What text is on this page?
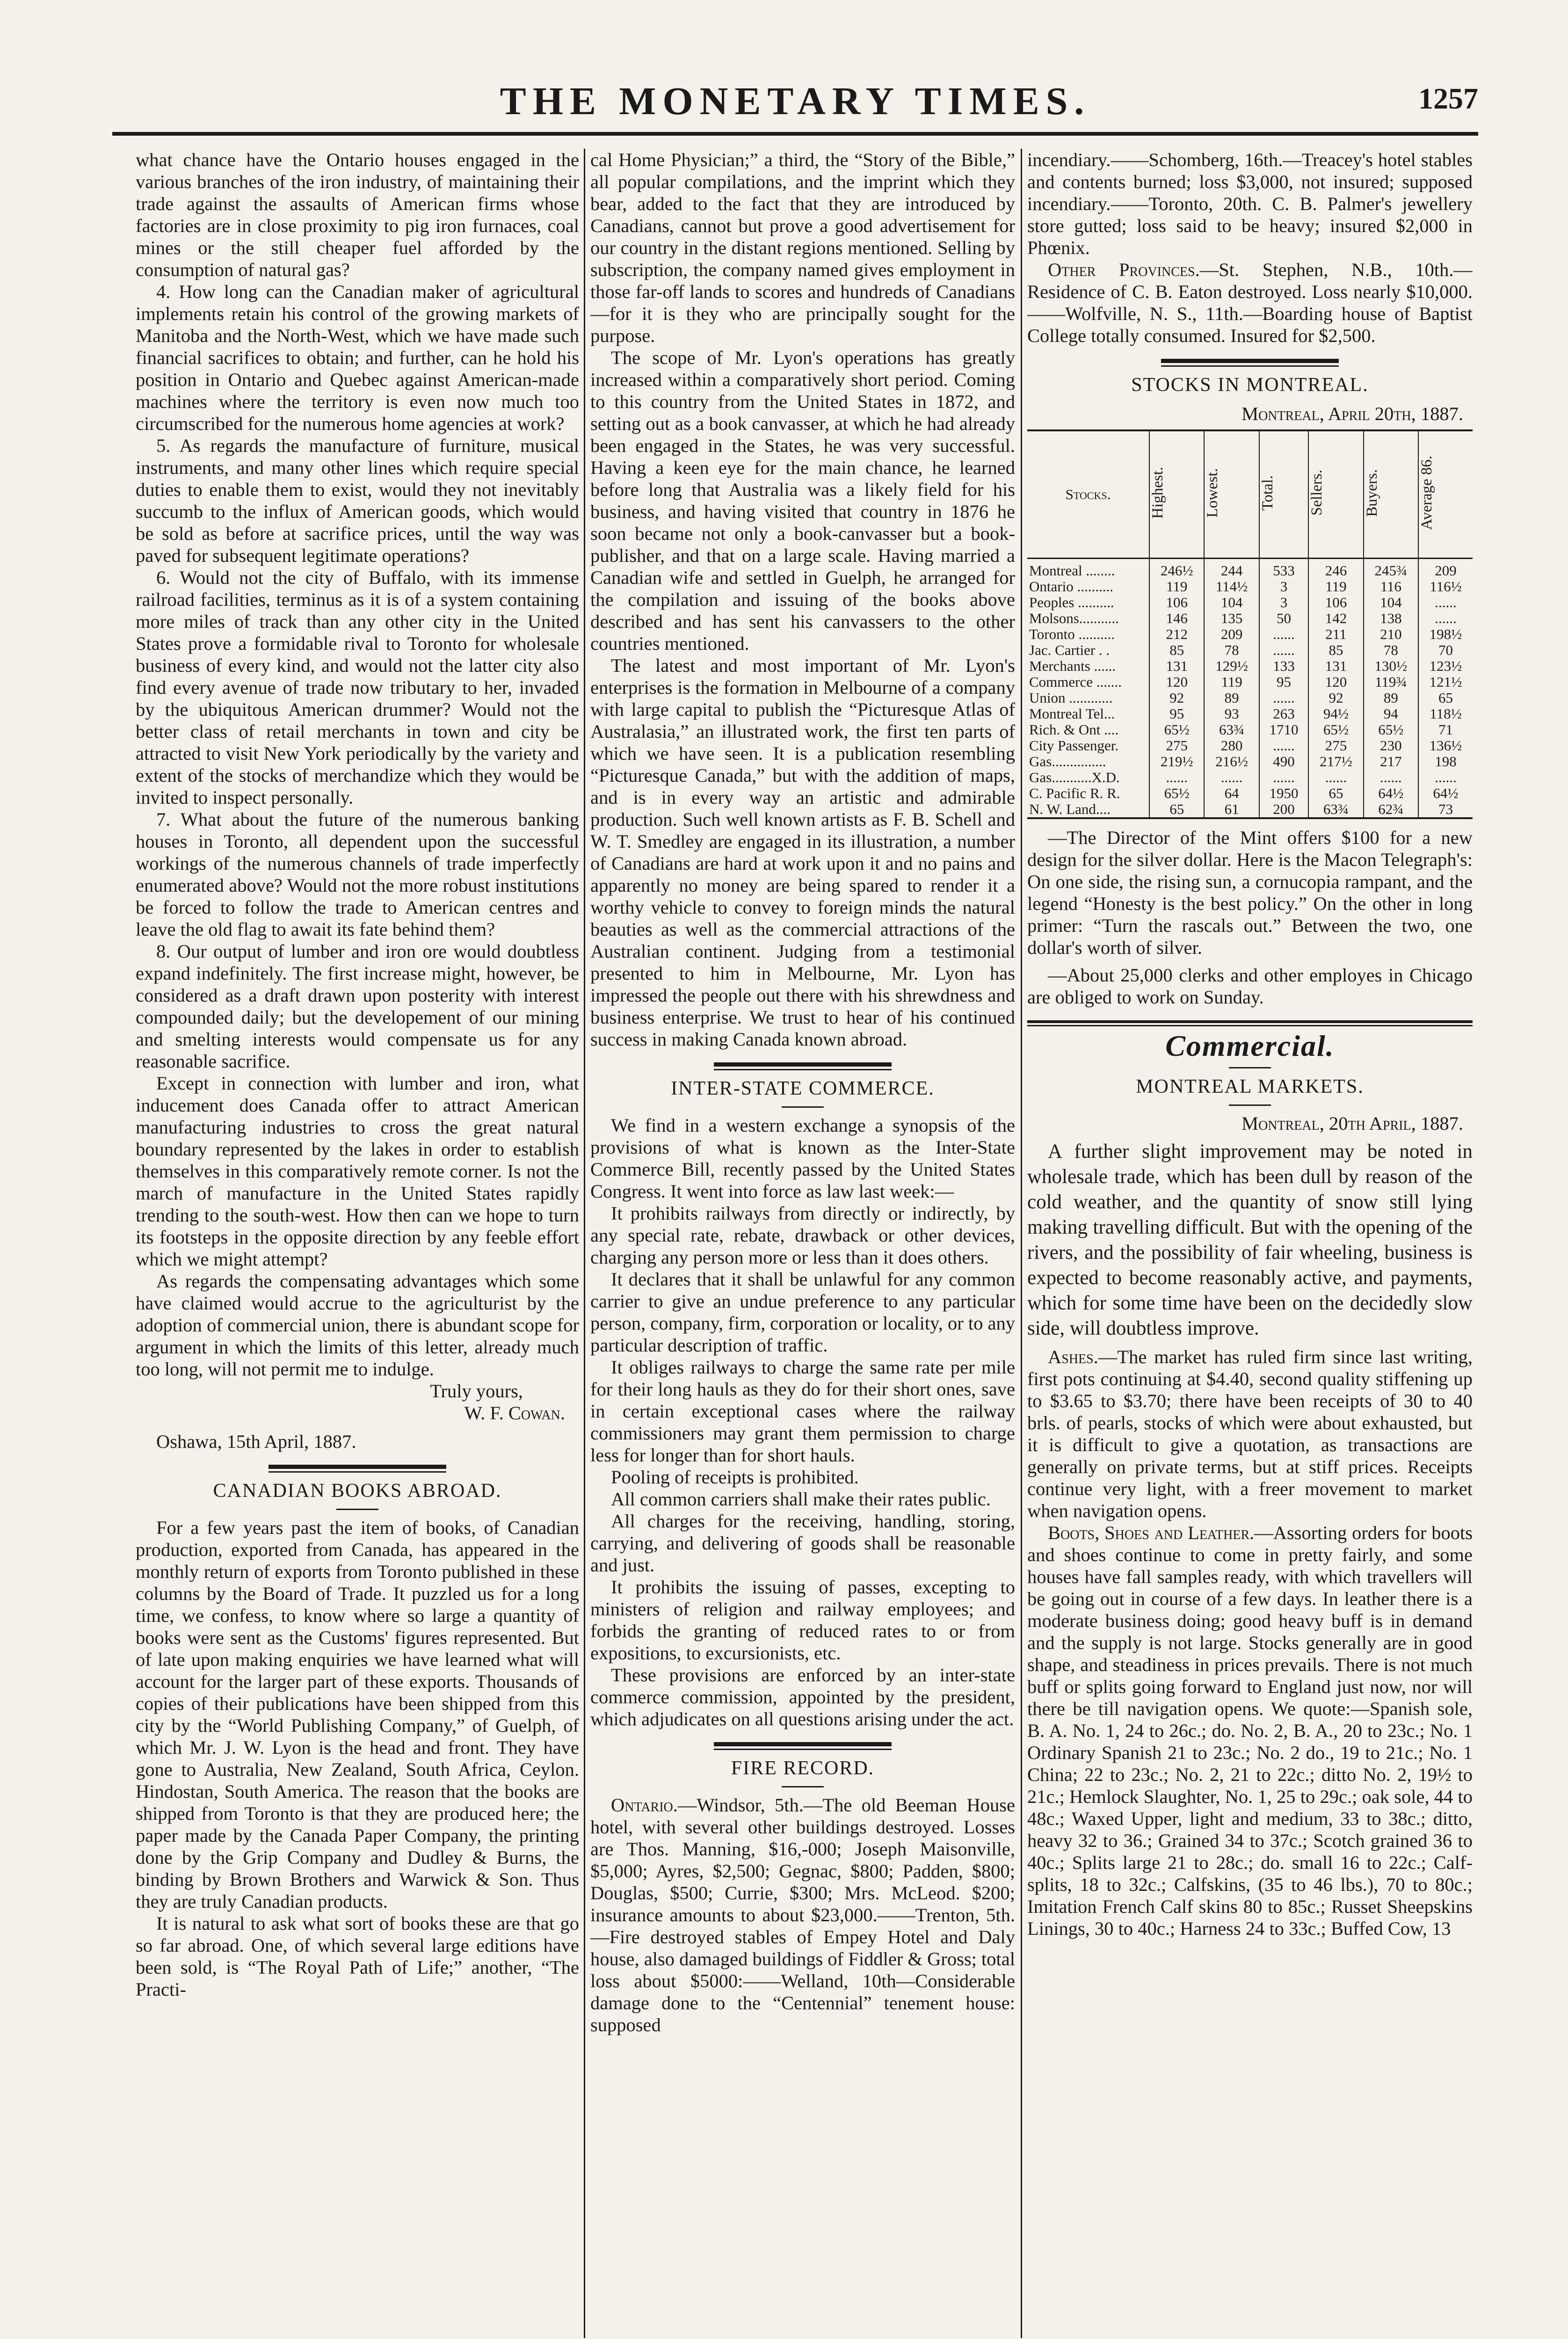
THE MONETARY TIMES.	1257

what chance have the Ontario houses engaged in the various branches of the iron industry, of maintaining their trade against the assaults of American firms whose factories are in close proximity to pig iron furnaces, coal mines or the still cheaper fuel afforded by the consumption of natural gas?

4. How long can the Canadian maker of agricultural implements retain his control of the growing markets of Manitoba and the North-West, which we have made such financial sacrifices to obtain; and further, can he hold his position in Ontario and Quebec against American-made machines where the territory is even now much too circumscribed for the numerous home agencies at work?

5. As regards the manufacture of furniture, musical instruments, and many other lines which require special duties to enable them to exist, would they not inevitably succumb to the influx of American goods, which would be sold as before at sacrifice prices, until the way was paved for subsequent legitimate operations?

6. Would not the city of Buffalo, with its immense railroad facilities, terminus as it is of a system containing more miles of track than any other city in the United States prove a formidable rival to Toronto for wholesale business of every kind, and would not the latter city also find every avenue of trade now tributary to her, invaded by the ubiquitous American drummer? Would not the better class of retail merchants in town and city be attracted to visit New York periodically by the variety and extent of the stocks of merchandize which they would be invited to inspect personally.

7. What about the future of the numerous banking houses in Toronto, all dependent upon the successful workings of the numerous channels of trade imperfectly enumerated above? Would not the more robust institutions be forced to follow the trade to American centres and leave the old flag to await its fate behind them?

8. Our output of lumber and iron ore would doubtless expand indefinitely. The first increase might, however, be considered as a draft drawn upon posterity with interest compounded daily; but the developement of our mining and smelting interests would compensate us for any reasonable sacrifice.

Except in connection with lumber and iron, what inducement does Canada offer to attract American manufacturing industries to cross the great natural boundary represented by the lakes in order to establish themselves in this comparatively remote corner. Is not the march of manufacture in the United States rapidly trending to the south-west. How then can we hope to turn its footsteps in the opposite direction by any feeble effort which we might attempt?

As regards the compensating advantages which some have claimed would accrue to the agriculturist by the adoption of commercial union, there is abundant scope for argument in which the limits of this letter, already much too long, will not permit me to indulge.

Truly yours,
W. F. Cowan.

Oshawa, 15th April, 1887.

CANADIAN BOOKS ABROAD.

For a few years past the item of books, of Canadian production, exported from Canada, has appeared in the monthly return of exports from Toronto published in these columns by the Board of Trade. It puzzled us for a long time, we confess, to know where so large a quantity of books were sent as the Customs' figures represented. But of late upon making enquiries we have learned what will account for the larger part of these exports. Thousands of copies of their publications have been shipped from this city by the “World Publishing Company,” of Guelph, of which Mr. J. W. Lyon is the head and front. They have gone to Australia, New Zealand, South Africa, Ceylon. Hindostan, South America. The reason that the books are shipped from Toronto is that they are produced here; the paper made by the Canada Paper Company, the printing done by the Grip Company and Dudley & Burns, the binding by Brown Brothers and Warwick & Son. Thus they are truly Canadian products.

It is natural to ask what sort of books these are that go so far abroad. One, of which several large editions have been sold, is “The Royal Path of Life;” another, “The Practi-

cal Home Physician;” a third, the “Story of the Bible,” all popular compilations, and the imprint which they bear, added to the fact that they are introduced by Canadians, cannot but prove a good advertisement for our country in the distant regions mentioned. Selling by subscription, the company named gives employment in those far-off lands to scores and hundreds of Canadians—for it is they who are principally sought for the purpose.

The scope of Mr. Lyon's operations has greatly increased within a comparatively short period. Coming to this country from the United States in 1872, and setting out as a book canvasser, at which he had already been engaged in the States, he was very successful. Having a keen eye for the main chance, he learned before long that Australia was a likely field for his business, and having visited that country in 1876 he soon became not only a book-canvasser but a book-publisher, and that on a large scale. Having married a Canadian wife and settled in Guelph, he arranged for the compilation and issuing of the books above described and has sent his canvassers to the other countries mentioned.

The latest and most important of Mr. Lyon's enterprises is the formation in Melbourne of a company with large capital to publish the “Picturesque Atlas of Australasia,” an illustrated work, the first ten parts of which we have seen. It is a publication resembling “Picturesque Canada,” but with the addition of maps, and is in every way an artistic and admirable production. Such well known artists as F. B. Schell and W. T. Smedley are engaged in its illustration, a number of Canadians are hard at work upon it and no pains and apparently no money are being spared to render it a worthy vehicle to convey to foreign minds the natural beauties as well as the commercial attractions of the Australian continent. Judging from a testimonial presented to him in Melbourne, Mr. Lyon has impressed the people out there with his shrewdness and business enterprise. We trust to hear of his continued success in making Canada known abroad.

INTER-STATE COMMERCE.

We find in a western exchange a synopsis of the provisions of what is known as the Inter-State Commerce Bill, recently passed by the United States Congress. It went into force as law last week:—

It prohibits railways from directly or indirectly, by any special rate, rebate, drawback or other devices, charging any person more or less than it does others.

It declares that it shall be unlawful for any common carrier to give an undue preference to any particular person, company, firm, corporation or locality, or to any particular description of traffic.

It obliges railways to charge the same rate per mile for their long hauls as they do for their short ones, save in certain exceptional cases where the railway commissioners may grant them permission to charge less for longer than for short hauls.

Pooling of receipts is prohibited.

All common carriers shall make their rates public.

All charges for the receiving, handling, storing, carrying, and delivering of goods shall be reasonable and just.

It prohibits the issuing of passes, excepting to ministers of religion and railway employees; and forbids the granting of reduced rates to or from expositions, to excursionists, etc.

These provisions are enforced by an inter-state commerce commission, appointed by the president, which adjudicates on all questions arising under the act.

FIRE RECORD.

Ontario.—Windsor, 5th.—The old Beeman House hotel, with several other buildings destroyed. Losses are Thos. Manning, $16,-000; Joseph Maisonville, $5,000; Ayres, $2,500; Gegnac, $800; Padden, $800; Douglas, $500; Currie, $300; Mrs. McLeod. $200; insurance amounts to about $23,000.——Trenton, 5th.—Fire destroyed stables of Empey Hotel and Daly house, also damaged buildings of Fiddler & Gross; total loss about $5000:——Welland, 10th—Considerable damage done to the “Centennial” tenement house: supposed

incendiary.——Schomberg, 16th.—Treacey's hotel stables and contents burned; loss $3,000, not insured; supposed incendiary.——Toronto, 20th. C. B. Palmer's jewellery store gutted; loss said to be heavy; insured $2,000 in Phœnix.

Other Provinces.—St. Stephen, N.B., 10th.—Residence of C. B. Eaton destroyed. Loss nearly $10,000.——Wolfville, N. S., 11th.—Boarding house of Baptist College totally consumed. Insured for $2,500.

STOCKS IN MONTREAL.
Montreal, April 20th, 1887.
Stocks.	Highest.	Lowest.	Total.	Sellers.	Buyers.	Average 86.
Montreal ........	246½	244	533	246	245¾	209
Ontario ..........	119	114½	3	119	116	116½
Peoples ..........	106	104	3	106	104	......
Molsons...........	146	135	50	142	138	......
Toronto ..........	212	209	......	211	210	198½
Jac. Cartier . .	85	78	......	85	78	70
Merchants ......	131	129½	133	131	130½	123½
Commerce .......	120	119	95	120	119¾	121½
Union ............	92	89	......	92	89	65
Montreal Tel...	95	93	263	94½	94	118½
Rich. & Ont ....	65½	63¾	1710	65½	65½	71
City Passenger.	275	280	......	275	230	136½
Gas...............	219½	216½	490	217½	217	198
Gas...........X.D.	......	......	......	......	......	......
C. Pacific R. R.	65½	64	1950	65	64½	64½
N. W. Land....	65	61	200	63¾	62¾	73

—The Director of the Mint offers $100 for a new design for the silver dollar. Here is the Macon Telegraph's: On one side, the rising sun, a cornucopia rampant, and the legend “Honesty is the best policy.” On the other in long primer: “Turn the rascals out.” Between the two, one dollar's worth of silver.

—About 25,000 clerks and other employes in Chicago are obliged to work on Sunday.

Commercial.
MONTREAL MARKETS.
Montreal, 20th April, 1887.

A further slight improvement may be noted in wholesale trade, which has been dull by reason of the cold weather, and the quantity of snow still lying making travelling difficult. But with the opening of the rivers, and the possibility of fair wheeling, business is expected to become reasonably active, and payments, which for some time have been on the decidedly slow side, will doubtless improve.

Ashes.—The market has ruled firm since last writing, first pots continuing at $4.40, second quality stiffening up to $3.65 to $3.70; there have been receipts of 30 to 40 brls. of pearls, stocks of which were about exhausted, but it is difficult to give a quotation, as transactions are generally on private terms, but at stiff prices. Receipts continue very light, with a freer movement to market when navigation opens.

Boots, Shoes and Leather.—Assorting orders for boots and shoes continue to come in pretty fairly, and some houses have fall samples ready, with which travellers will be going out in course of a few days. In leather there is a moderate business doing; good heavy buff is in demand and the supply is not large. Stocks generally are in good shape, and steadiness in prices prevails. There is not much buff or splits going forward to England just now, nor will there be till navigation opens. We quote:—Spanish sole, B. A. No. 1, 24 to 26c.; do. No. 2, B. A., 20 to 23c.; No. 1 Ordinary Spanish 21 to 23c.; No. 2 do., 19 to 21c.; No. 1 China; 22 to 23c.; No. 2, 21 to 22c.; ditto No. 2, 19½ to 21c.; Hemlock Slaughter, No. 1, 25 to 29c.; oak sole, 44 to 48c.; Waxed Upper, light and medium, 33 to 38c.; ditto, heavy 32 to 36.; Grained 34 to 37c.; Scotch grained 36 to 40c.; Splits large 21 to 28c.; do. small 16 to 22c.; Calf-splits, 18 to 32c.; Calfskins, (35 to 46 lbs.), 70 to 80c.; Imitation French Calf skins 80 to 85c.; Russet Sheepskins Linings, 30 to 40c.; Harness 24 to 33c.; Buffed Cow, 13
